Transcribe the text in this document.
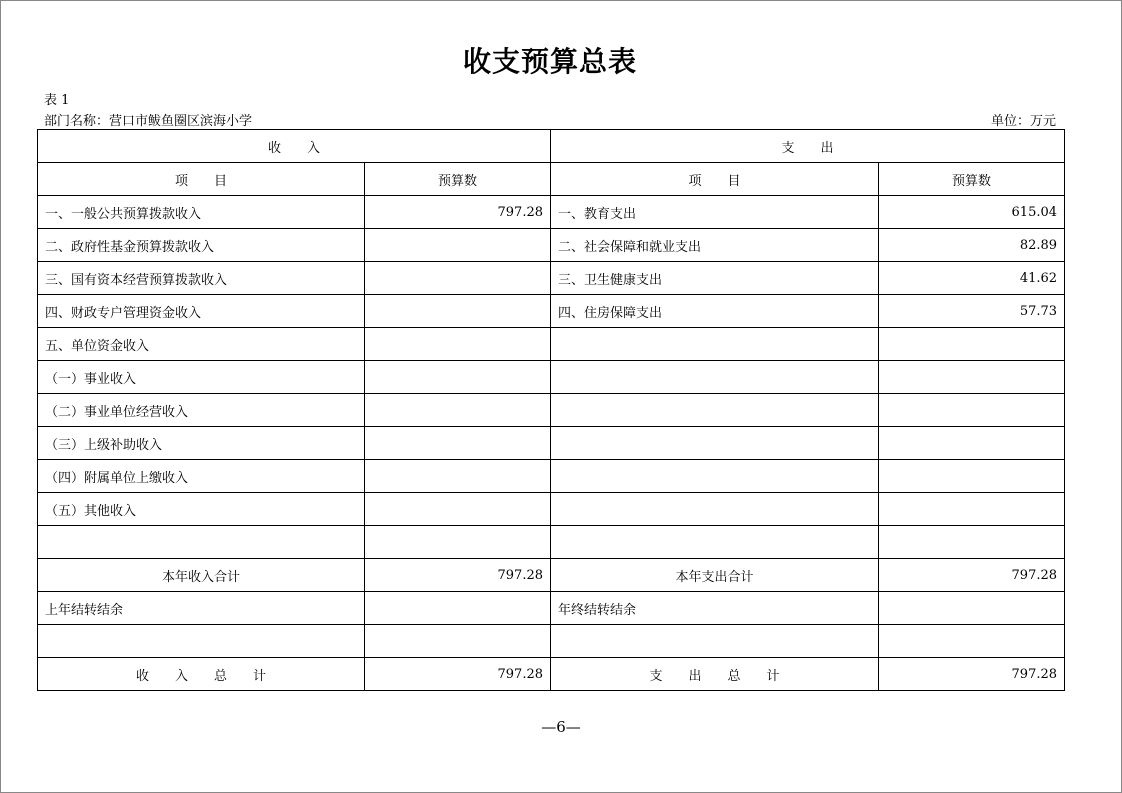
收支预算总表
表 1
部门名称：营口市鲅鱼圈区滨海小学	单位：万元
收　　入		支　　出	
项　　目	预算数	项　　目	预算数
一、一般公共预算拨款收入	797.28	一、教育支出	615.04
二、政府性基金预算拨款收入		二、社会保障和就业支出	82.89
三、国有资本经营预算拨款收入		三、卫生健康支出	41.62
四、财政专户管理资金收入		四、住房保障支出	57.73
五、单位资金收入			
（一）事业收入			
（二）事业单位经营收入			
（三）上级补助收入			
（四）附属单位上缴收入			
（五）其他收入			

本年收入合计	797.28	本年支出合计	797.28
上年结转结余		年终结转结余	

收　　入　　总　　计	797.28	支　　出　　总　　计	797.28
—6—
